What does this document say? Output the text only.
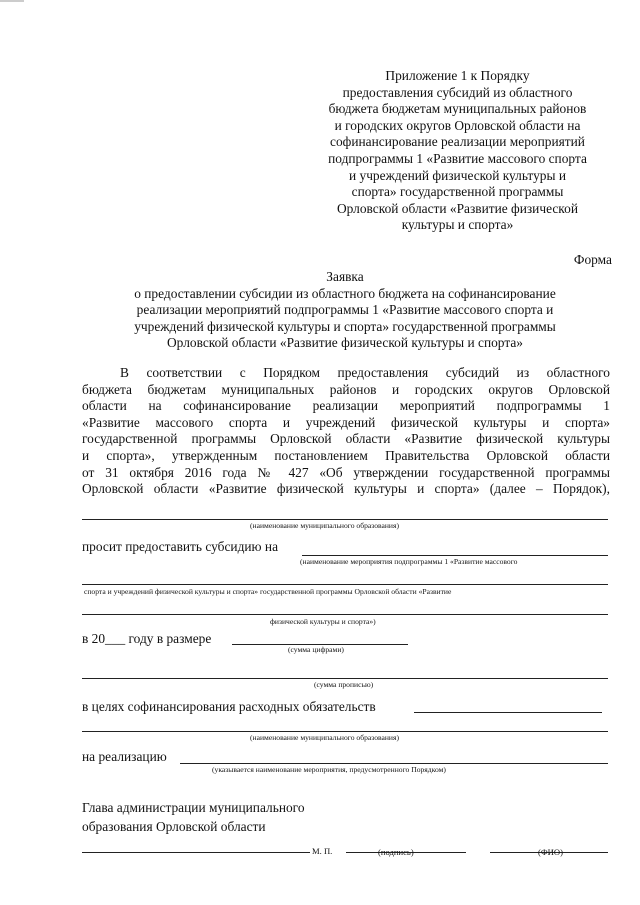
Приложение 1 к Порядку
предоставления субсидий из областного
бюджета бюджетам муниципальных районов
и городских округов Орловской области на
софинансирование реализации мероприятий
подпрограммы 1 «Развитие массового спорта
и учреждений физической культуры и
спорта» государственной программы
Орловской области «Развитие физической
культуры и спорта»
Форма
Заявка
о предоставлении субсидии из областного бюджета на софинансирование
реализации мероприятий подпрограммы 1 «Развитие массового спорта и
учреждений физической культуры и спорта» государственной программы
Орловской области «Развитие физической культуры и спорта»

В соответствии с Порядком предоставления субсидий из областного

бюджета бюджетам муниципальных районов и городских округов Орловской

области на софинансирование реализации мероприятий подпрограммы 1

«Развитие массового спорта и учреждений физической культуры и спорта»

государственной программы Орловской области «Развитие физической культуры

и спорта», утвержденным постановлением Правительства Орловской области

от 31 октября 2016 года № 427 «Об утверждении государственной программы

Орловской области «Развитие физической культуры и спорта» (далее – Порядок),

(наименование муниципального образования)
просит предоставить субсидию на
(наименование мероприятия подпрограммы 1 «Развитие массового
спорта и учреждений физической культуры и спорта» государственной программы Орловской области «Развитие
физической культуры и спорта»)
в 20___ году в размере
(сумма цифрами)
(сумма прописью)
в целях софинансирования расходных обязательств
(наименование муниципального образования)
на реализацию
(указывается наименование мероприятия, предусмотренного Порядком)
Глава администрации муниципального
образования Орловской области
М. П.	(подпись)	(ФИО)
